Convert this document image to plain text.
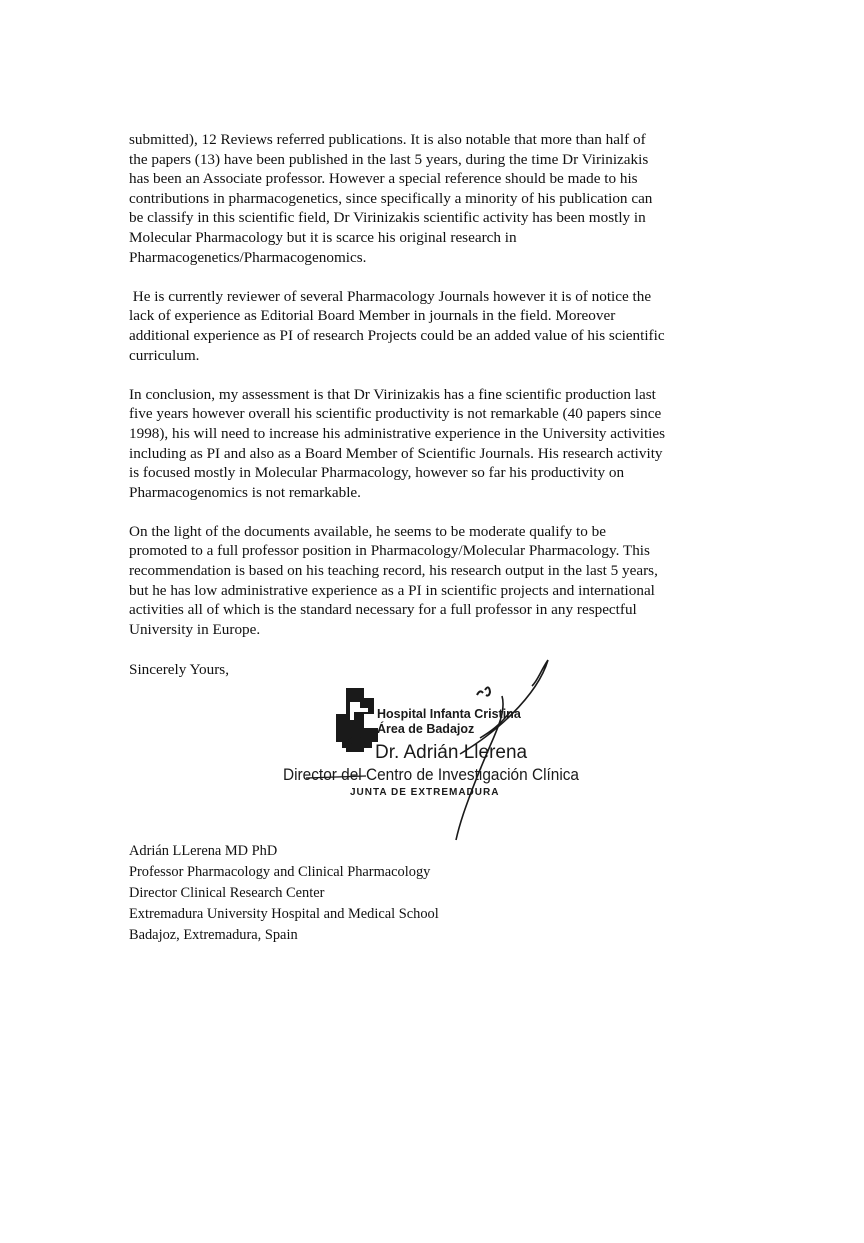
submitted), 12 Reviews referred publications. It is also notable that more than half of
the papers (13) have been published in the last 5 years, during the time Dr Virinizakis
has been an Associate professor. However a special reference should be made to his
contributions in pharmacogenetics, since specifically a minority of his publication can
be classify in this scientific field, Dr Virinizakis scientific activity has been mostly in
Molecular Pharmacology but it is scarce his original research in
Pharmacogenetics/Pharmacogenomics.

He is currently reviewer of several Pharmacology Journals however it is of notice the
lack of experience as Editorial Board Member in journals in the field. Moreover
additional experience as PI of research Projects could be an added value of his scientific
curriculum.

In conclusion, my assessment is that Dr Virinizakis has a fine scientific production last
five years however overall his scientific productivity is not remarkable (40 papers since
1998), his will need to increase his administrative experience in the University activities
including as PI and also as a Board Member of Scientific Journals. His research activity
is focused mostly in Molecular Pharmacology, however so far his productivity on
Pharmacogenomics is not remarkable.

On the light of the documents available, he seems to be moderate qualify to be
promoted to a full professor position in Pharmacology/Molecular Pharmacology. This
recommendation is based on his teaching record, his research output in the last 5 years,
but he has low administrative experience as a PI in scientific projects and international
activities all of which is the standard necessary for a full professor in any respectful
University in Europe.

Sincerely Yours,

SES
Hospital Infanta Cristina
Área de Badajoz
Dr. Adrián Llerena
Director del Centro de Investigación Clínica
JUNTA DE EXTREMADURA
Adrián LLerena MD PhD
Professor Pharmacology and Clinical Pharmacology
Director Clinical Research Center
Extremadura University Hospital and Medical School
Badajoz, Extremadura, Spain
